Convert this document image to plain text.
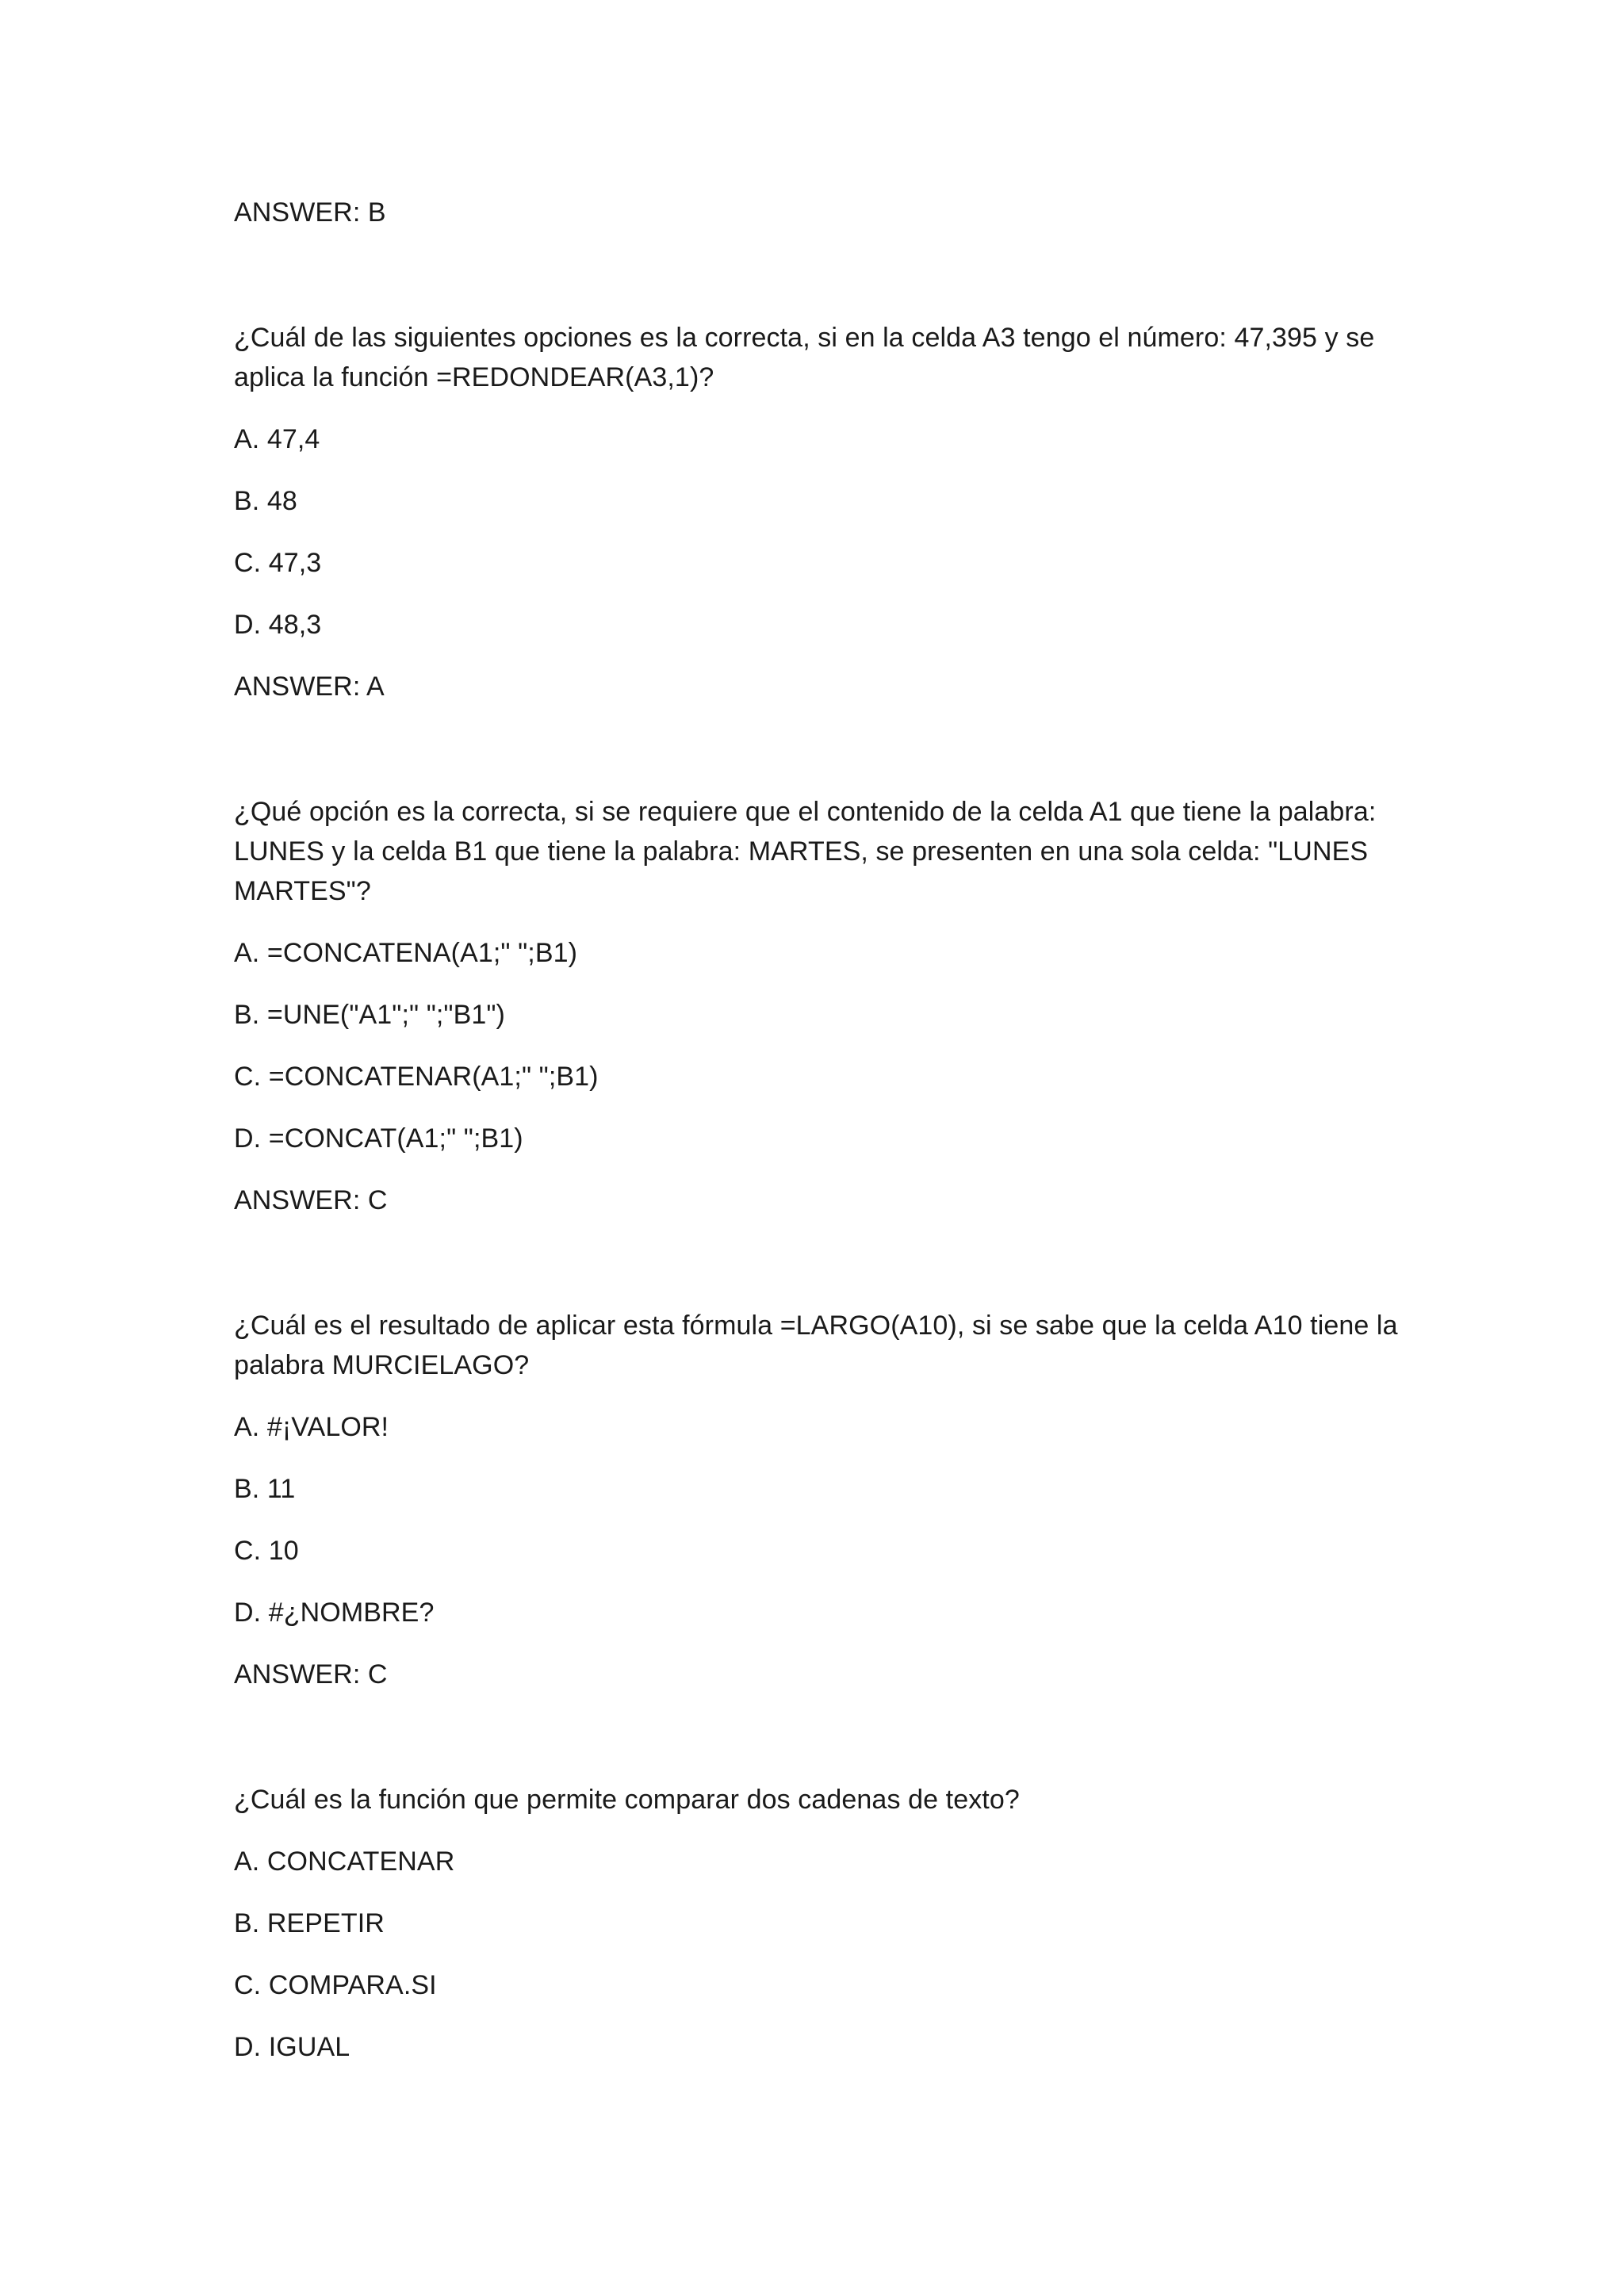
ANSWER: B

¿Cuál de las siguientes opciones es la correcta, si en la celda A3 tengo el número: 47,395 y se

aplica la función =REDONDEAR(A3,1)?

A. 47,4

B. 48

C. 47,3

D. 48,3

ANSWER: A

¿Qué opción es la correcta, si se requiere que el contenido de la celda A1 que tiene la palabra:

LUNES y la celda B1 que tiene la palabra: MARTES, se presenten en una sola celda: "LUNES

MARTES"?

A. =CONCATENA(A1;" ";B1)

B. =UNE("A1";" ";"B1")

C. =CONCATENAR(A1;" ";B1)

D. =CONCAT(A1;" ";B1)

ANSWER: C

¿Cuál es el resultado de aplicar esta fórmula =LARGO(A10), si se sabe que la celda A10 tiene la

palabra MURCIELAGO?

A. #¡VALOR!

B. 11

C. 10

D. #¿NOMBRE?

ANSWER: C

¿Cuál es la función que permite comparar dos cadenas de texto?

A. CONCATENAR

B. REPETIR

C. COMPARA.SI

D. IGUAL
